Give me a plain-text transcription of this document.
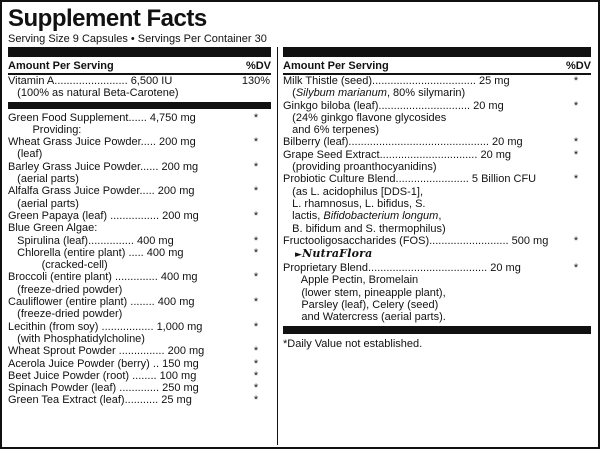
Supplement Facts
Serving Size 9 Capsules • Servings Per Container 30
Amount Per Serving	%DV
Vitamin A........................ 6,500 IU	130%
(100% as natural Beta-Carotene)
Green Food Supplement...... 4,750 mg	*
Providing:
Wheat Grass Juice Powder..... 200 mg	*
(leaf)
Barley Grass Juice Powder...... 200 mg	*
(aerial parts)
Alfalfa Grass Juice Powder..... 200 mg	*
(aerial parts)
Green Papaya (leaf) ................ 200 mg	*
Blue Green Algae:
Spirulina (leaf)............... 400 mg	*
Chlorella (entire plant) ..... 400 mg	*
(cracked-cell)
Broccoli (entire plant) .............. 400 mg	*
(freeze-dried powder)
Cauliflower (entire plant) ........ 400 mg	*
(freeze-dried powder)
Lecithin (from soy) ................. 1,000 mg	*
(with Phosphatidylcholine)
Wheat Sprout Powder ............... 200 mg	*
Acerola Juice Powder (berry) .. 150 mg	*
Beet Juice Powder (root) ........ 100 mg	*
Spinach Powder (leaf) ............. 250 mg	*
Green Tea Extract (leaf)........... 25 mg	*
Amount Per Serving	%DV
Milk Thistle (seed).................................. 25 mg	*
(Silybum marianum, 80% silymarin)
Ginkgo biloba (leaf).............................. 20 mg	*
(24% ginkgo flavone glycosides
and 6% terpenes)
Bilberry (leaf).............................................. 20 mg	*
Grape Seed Extract................................ 20 mg	*
(providing proanthocyanidins)
Probiotic Culture Blend........................ 5 Billion CFU	*
(as L. acidophilus [DDS-1],
L. rhamnosus, L. bifidus, S.
lactis, Bifidobacterium longum,
B. bifidum and S. thermophilus)
Fructooligosaccharides (FOS).......................... 500 mg	*
►NutraFlora
Proprietary Blend....................................... 20 mg	*
Apple Pectin, Bromelain
(lower stem, pineapple plant),
Parsley (leaf), Celery (seed)
and Watercress (aerial parts).
*Daily Value not established.
